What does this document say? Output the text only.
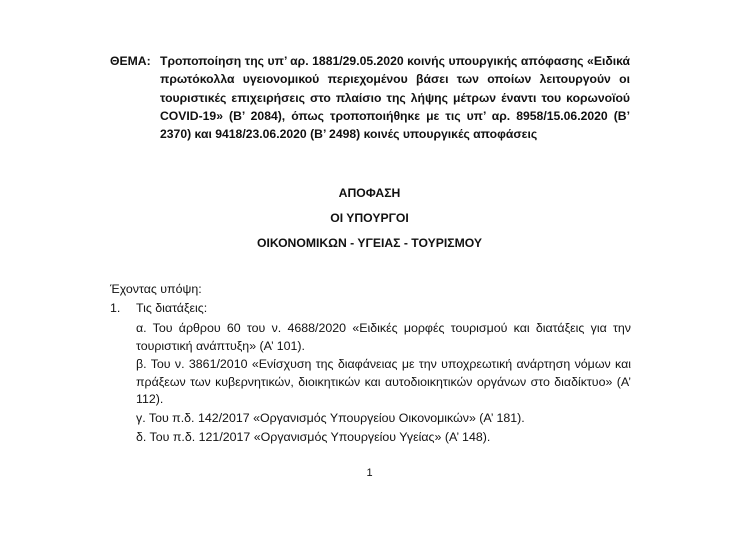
ΘΕΜΑ: Τροποποίηση της υπ’ αρ. 1881/29.05.2020 κοινής υπουργικής απόφασης «Ειδικά πρωτόκολλα υγειονομικού περιεχομένου βάσει των οποίων λειτουργούν οι τουριστικές επιχειρήσεις στο πλαίσιο της λήψης μέτρων έναντι του κορωνοϊού COVID-19» (Β’ 2084), όπως τροποποιήθηκε με τις υπ’ αρ. 8958/15.06.2020 (Β’ 2370) και 9418/23.06.2020 (Β’ 2498) κοινές υπουργικές αποφάσεις
ΑΠΟΦΑΣΗ
ΟΙ ΥΠΟΥΡΓΟΙ
ΟΙΚΟΝΟΜΙΚΩΝ - ΥΓΕΙΑΣ - ΤΟΥΡΙΣΜΟΥ
Έχοντας υπόψη:
1. Τις διατάξεις:

α. Του άρθρου 60 του ν. 4688/2020 «Ειδικές μορφές τουρισμού και διατάξεις για την τουριστική ανάπτυξη» (Α’ 101).

β. Του ν. 3861/2010 «Ενίσχυση της διαφάνειας με την υποχρεωτική ανάρτηση νόμων και πράξεων των κυβερνητικών, διοικητικών και αυτοδιοικητικών οργάνων στο διαδίκτυο» (Α’ 112).

γ. Του π.δ. 142/2017 «Οργανισμός Υπουργείου Οικονομικών» (Α’ 181).

δ. Του π.δ. 121/2017 «Οργανισμός Υπουργείου Υγείας» (Α’ 148).

1
